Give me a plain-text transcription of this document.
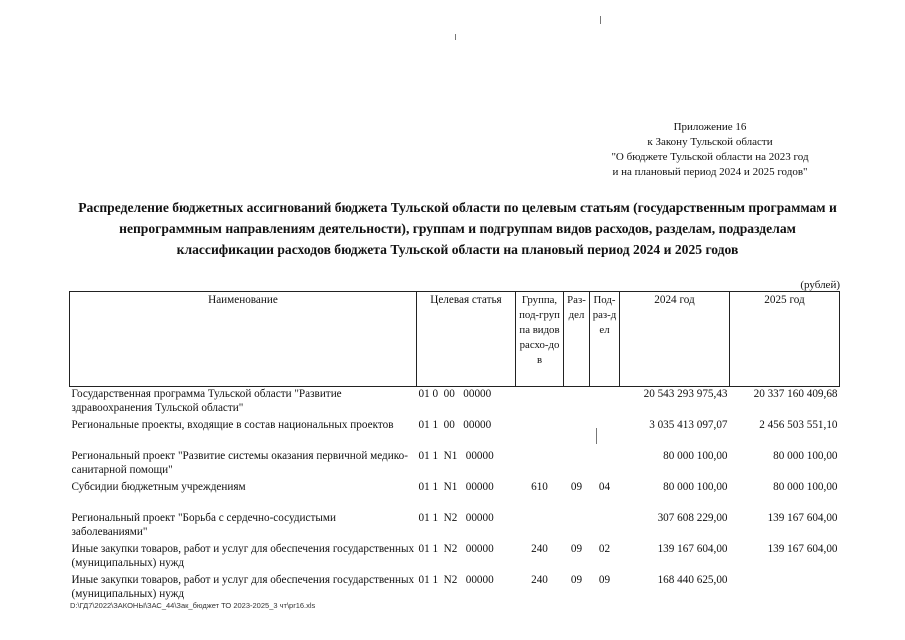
Приложение 16
к Закону Тульской области
"О бюджете Тульской области на 2023 год
и на плановый период 2024 и 2025 годов"
Распределение бюджетных ассигнований бюджета Тульской области по целевым статьям (государственным программам и непрограммным направлениям деятельности), группам и подгруппам видов расходов, разделам, подразделам классификации расходов бюджета Тульской области на плановый период 2024 и 2025 годов
(рублей)
Наименование	Целевая статья	Группа, под-группа видов расхо-дов	Раз-дел	Под-раз-дел	2024 год	2025 год
Государственная программа Тульской области "Развитие здравоохранения Тульской области"	01 0  00   00000				20 543 293 975,43	20 337 160 409,68
Региональные проекты, входящие в состав национальных проектов	01 1  00   00000				3 035 413 097,07	2 456 503 551,10
Региональный проект "Развитие системы оказания первичной медико-санитарной помощи"	01 1  N1   00000				80 000 100,00	80 000 100,00
Субсидии бюджетным учреждениям	01 1  N1   00000	610	09	04	80 000 100,00	80 000 100,00
Региональный проект "Борьба с сердечно-сосудистыми заболеваниями"	01 1  N2   00000				307 608 229,00	139 167 604,00
Иные закупки товаров, работ и услуг для обеспечения государственных (муниципальных) нужд	01 1  N2   00000	240	09	02	139 167 604,00	139 167 604,00
Иные закупки товаров, работ и услуг для обеспечения государственных (муниципальных) нужд	01 1  N2   00000	240	09	09	168 440 625,00	
D:\ГД7\2022\ЗАКОНЫ\ЗАС_44\Зак_бюджет ТО 2023-2025_3 чт\pr16.xls
